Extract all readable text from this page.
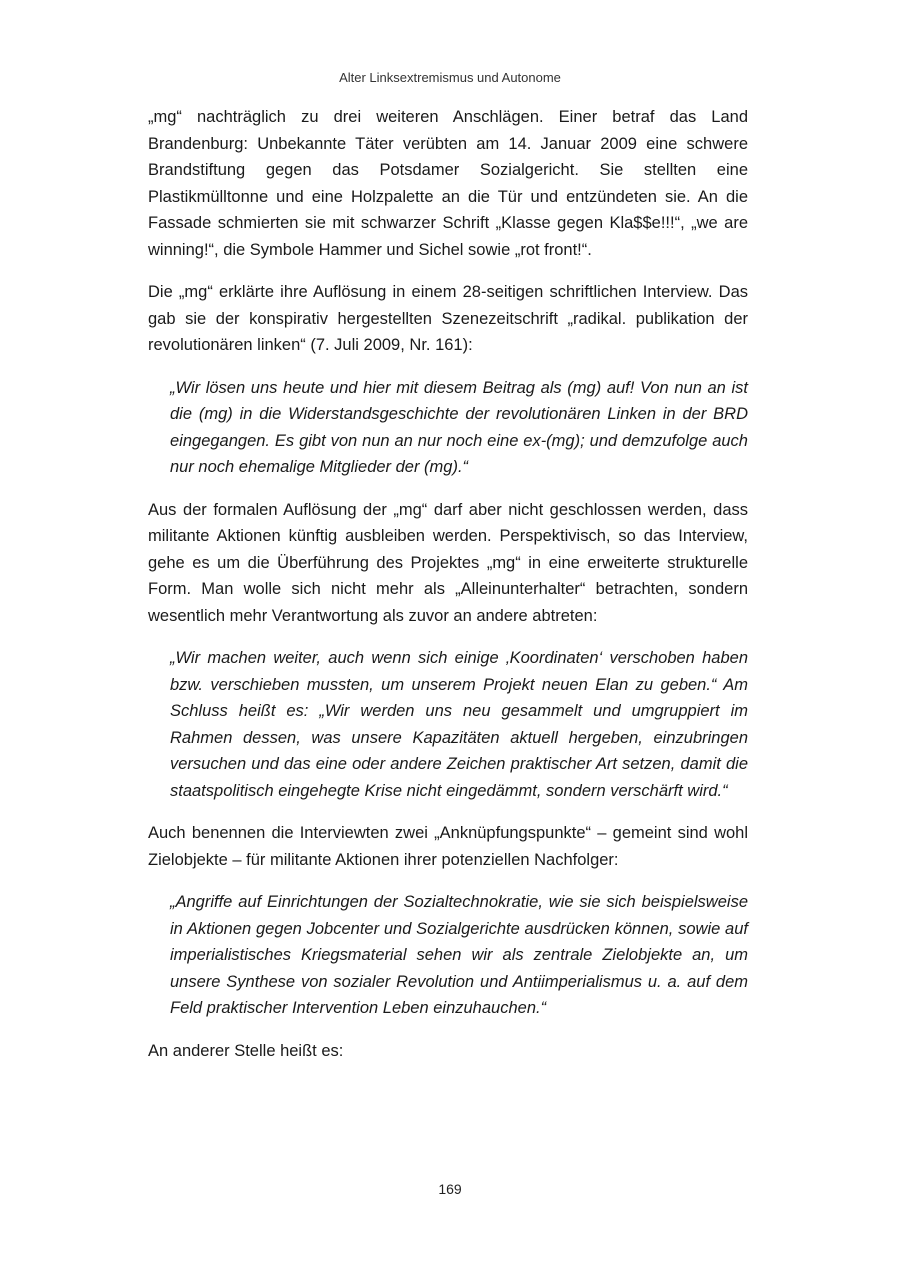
Alter Linksextremismus und Autonome

„mg“ nachträglich zu drei weiteren Anschlägen. Einer betraf das Land Brandenburg: Unbekannte Täter verübten am 14. Januar 2009 eine schwere Brandstiftung gegen das Potsdamer Sozialgericht. Sie stellten eine Plastikmülltonne und eine Holzpalette an die Tür und entzündeten sie. An die Fassade schmierten sie mit schwarzer Schrift „Klasse gegen Kla$$e!!!“, „we are winning!“, die Symbole Hammer und Sichel sowie „rot front!“.

Die „mg“ erklärte ihre Auflösung in einem 28-seitigen schriftlichen Interview. Das gab sie der konspirativ hergestellten Szenezeitschrift „radikal. publikation der revolutionären linken“ (7. Juli 2009, Nr. 161):

„Wir lösen uns heute und hier mit diesem Beitrag als (mg) auf! Von nun an ist die (mg) in die Widerstandsgeschichte der revolutionären Linken in der BRD eingegangen. Es gibt von nun an nur noch eine ex-(mg); und demzufolge auch nur noch ehemalige Mitglieder der (mg).“

Aus der formalen Auflösung der „mg“ darf aber nicht geschlossen werden, dass militante Aktionen künftig ausbleiben werden. Perspektivisch, so das Interview, gehe es um die Überführung des Projektes „mg“ in eine erweiterte strukturelle Form. Man wolle sich nicht mehr als „Alleinunterhalter“ betrachten, sondern wesentlich mehr Verantwortung als zuvor an andere abtreten:

„Wir machen weiter, auch wenn sich einige ‚Koordinaten‘ verschoben haben bzw. verschieben mussten, um unserem Projekt neuen Elan zu geben.“ Am Schluss heißt es: „Wir werden uns neu gesammelt und umgruppiert im Rahmen dessen, was unsere Kapazitäten aktuell hergeben, einzubringen versuchen und das eine oder andere Zeichen praktischer Art setzen, damit die staatspolitisch eingehegte Krise nicht eingedämmt, sondern verschärft wird.“

Auch benennen die Interviewten zwei „Anknüpfungspunkte“ – gemeint sind wohl Zielobjekte – für militante Aktionen ihrer potenziellen Nachfolger:

„Angriffe auf Einrichtungen der Sozialtechnokratie, wie sie sich beispielsweise in Aktionen gegen Jobcenter und Sozialgerichte ausdrücken können, sowie auf imperialistisches Kriegsmaterial sehen wir als zentrale Zielobjekte an, um unsere Synthese von sozialer Revolution und Antiimperialismus u. a. auf dem Feld praktischer Intervention Leben einzuhauchen.“

An anderer Stelle heißt es:

169
